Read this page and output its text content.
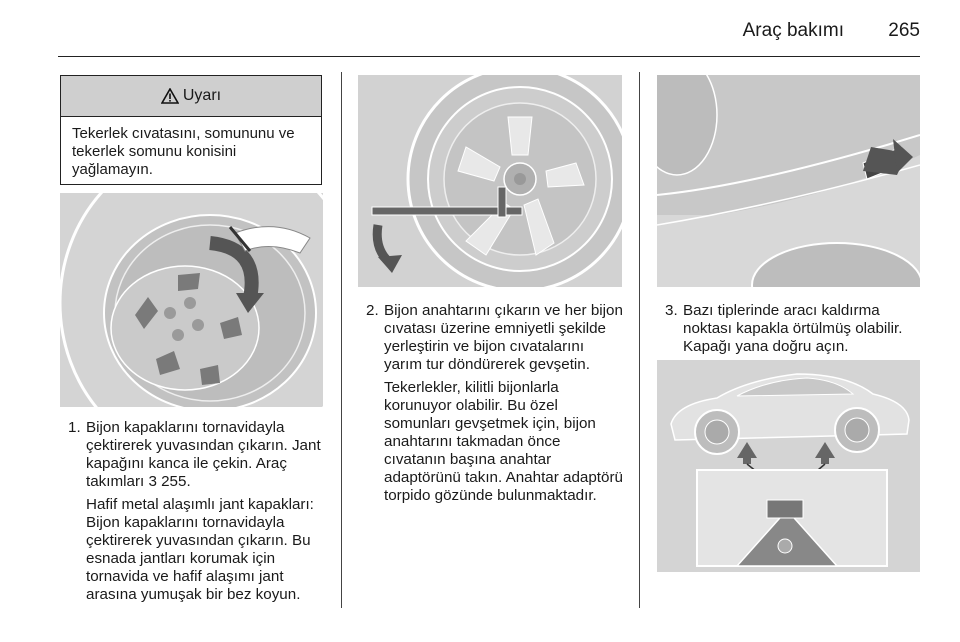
Araç bakımı 265
Uyarı
Tekerlek cıvatasını, somununu ve tekerlek somunu konisini yağlamayın.
1. Bijon kapaklarını tornavidayla çektirerek yuvasından çıkarın. Jant kapağını kanca ile çekin. Araç takımları 3 255.

Hafif metal alaşımlı jant kapakları: Bijon kapaklarını tornavidayla çektirerek yuvasından çıkarın. Bu esnada jantları korumak için tornavida ve hafif alaşımı jant arasına yumuşak bir bez koyun.

2. Bijon anahtarını çıkarın ve her bijon cıvatası üzerine emniyetli şekilde yerleştirin ve bijon cıvatalarını yarım tur döndürerek gevşetin.

Tekerlekler, kilitli bijonlarla korunuyor olabilir. Bu özel somunları gevşetmek için, bijon anahtarını takmadan önce cıvatanın başına anahtar adaptörünü takın. Anahtar adaptörü torpido gözünde bulunmaktadır.

3. Bazı tiplerinde aracı kaldırma noktası kapakla örtülmüş olabilir. Kapağı yana doğru açın.
